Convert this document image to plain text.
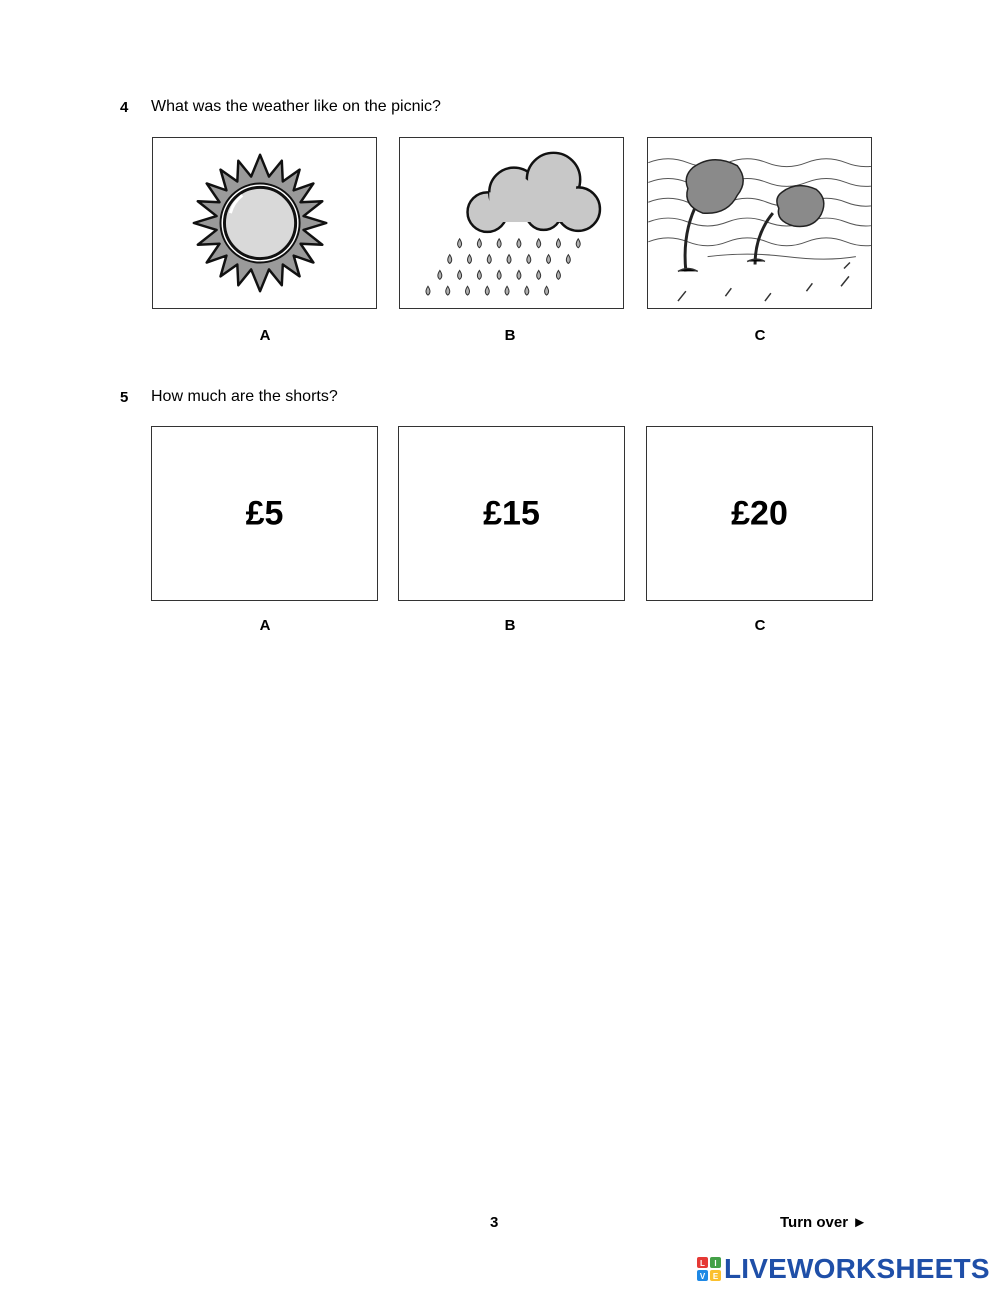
4 What was the weather like on the picnic?
A	B	C
5 How much are the shorts?
£5	£15	£20
A	B	C
3	Turn over ►
L I
V E LIVEWORKSHEETS
